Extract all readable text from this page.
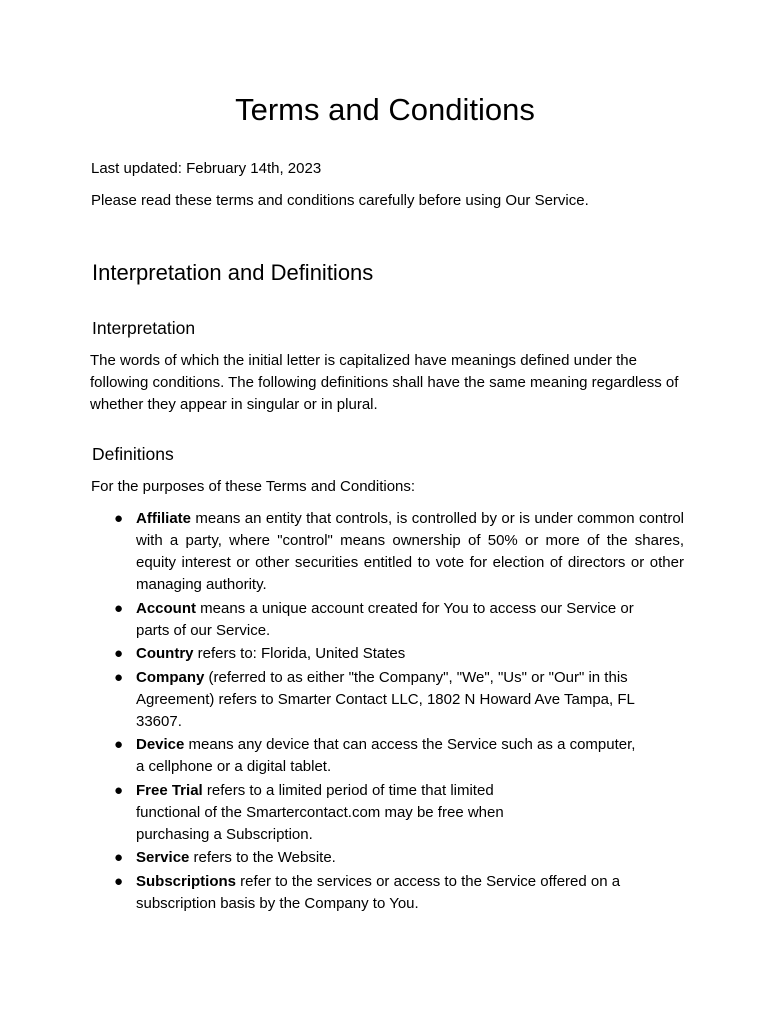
Terms and Conditions

Last updated: February 14th, 2023

Please read these terms and conditions carefully before using Our Service.

Interpretation and Definitions
Interpretation

The words of which the initial letter is capitalized have meanings defined under the following conditions. The following definitions shall have the same meaning regardless of whether they appear in singular or in plural.

Definitions

For the purposes of these Terms and Conditions:

● Affiliate means an entity that controls, is controlled by or is under common control with a party, where "control" means ownership of 50% or more of the shares, equity interest or other securities entitled to vote for election of directors or other managing authority.
● Account means a unique account created for You to access our Service or parts of our Service.
● Country refers to: Florida, United States
● Company (referred to as either "the Company", "We", "Us" or "Our" in this Agreement) refers to Smarter Contact LLC, 1802 N Howard Ave Tampa, FL 33607.
● Device means any device that can access the Service such as a computer, a cellphone or a digital tablet.
● Free Trial refers to a limited period of time that limited functional of the Smartercontact.com may be free when purchasing a Subscription.
● Service refers to the Website.
● Subscriptions refer to the services or access to the Service offered on a subscription basis by the Company to You.
